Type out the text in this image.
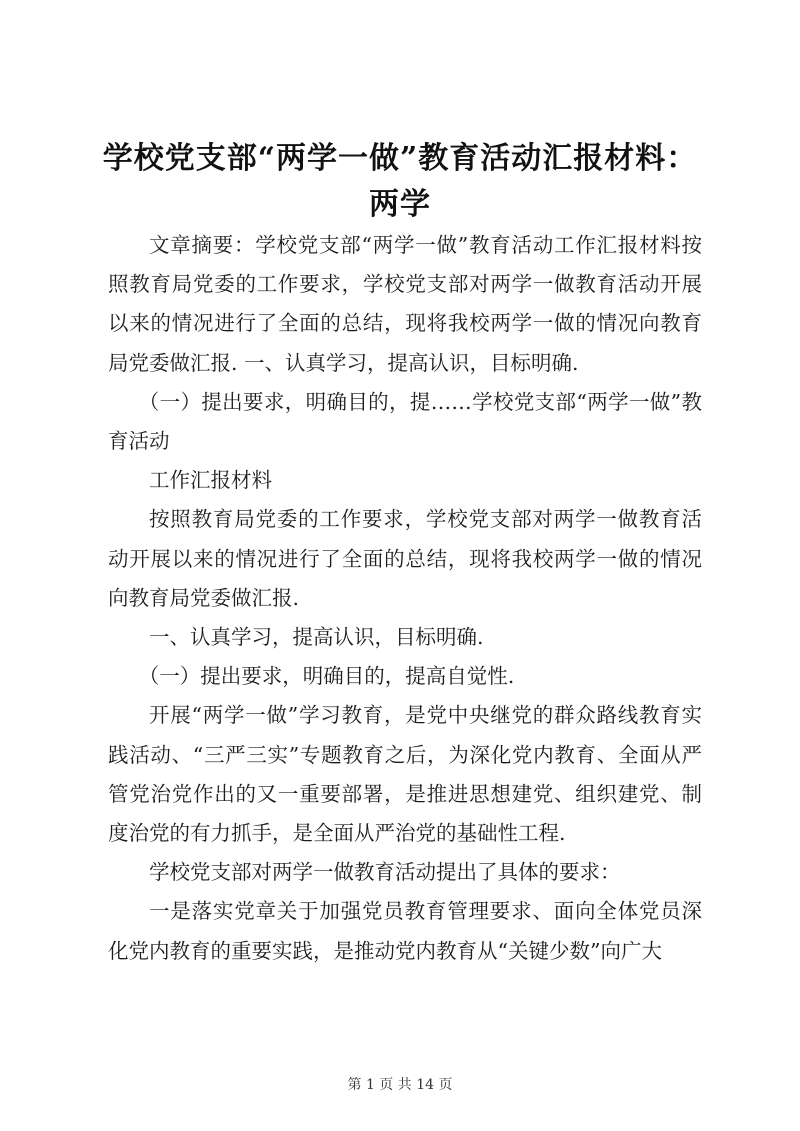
学校党支部“两学一做”教育活动汇报材料：
两学

文章摘要：学校党支部“两学一做”教育活动工作汇报材料按照教育局党委的工作要求，学校党支部对两学一做教育活动开展以来的情况进行了全面的总结，现将我校两学一做的情况向教育局党委做汇报. 一、认真学习，提高认识，目标明确.

（一）提出要求，明确目的，提……学校党支部“两学一做”教育活动

工作汇报材料

按照教育局党委的工作要求，学校党支部对两学一做教育活动开展以来的情况进行了全面的总结，现将我校两学一做的情况向教育局党委做汇报.

一、认真学习，提高认识，目标明确.

（一）提出要求，明确目的，提高自觉性.

开展“两学一做”学习教育，是党中央继党的群众路线教育实践活动、“三严三实”专题教育之后，为深化党内教育、全面从严管党治党作出的又一重要部署，是推进思想建党、组织建党、制度治党的有力抓手，是全面从严治党的基础性工程.

学校党支部对两学一做教育活动提出了具体的要求：

一是落实党章关于加强党员教育管理要求、面向全体党员深化党内教育的重要实践，是推动党内教育从“关键少数”向广大

第 1 页 共 14 页
